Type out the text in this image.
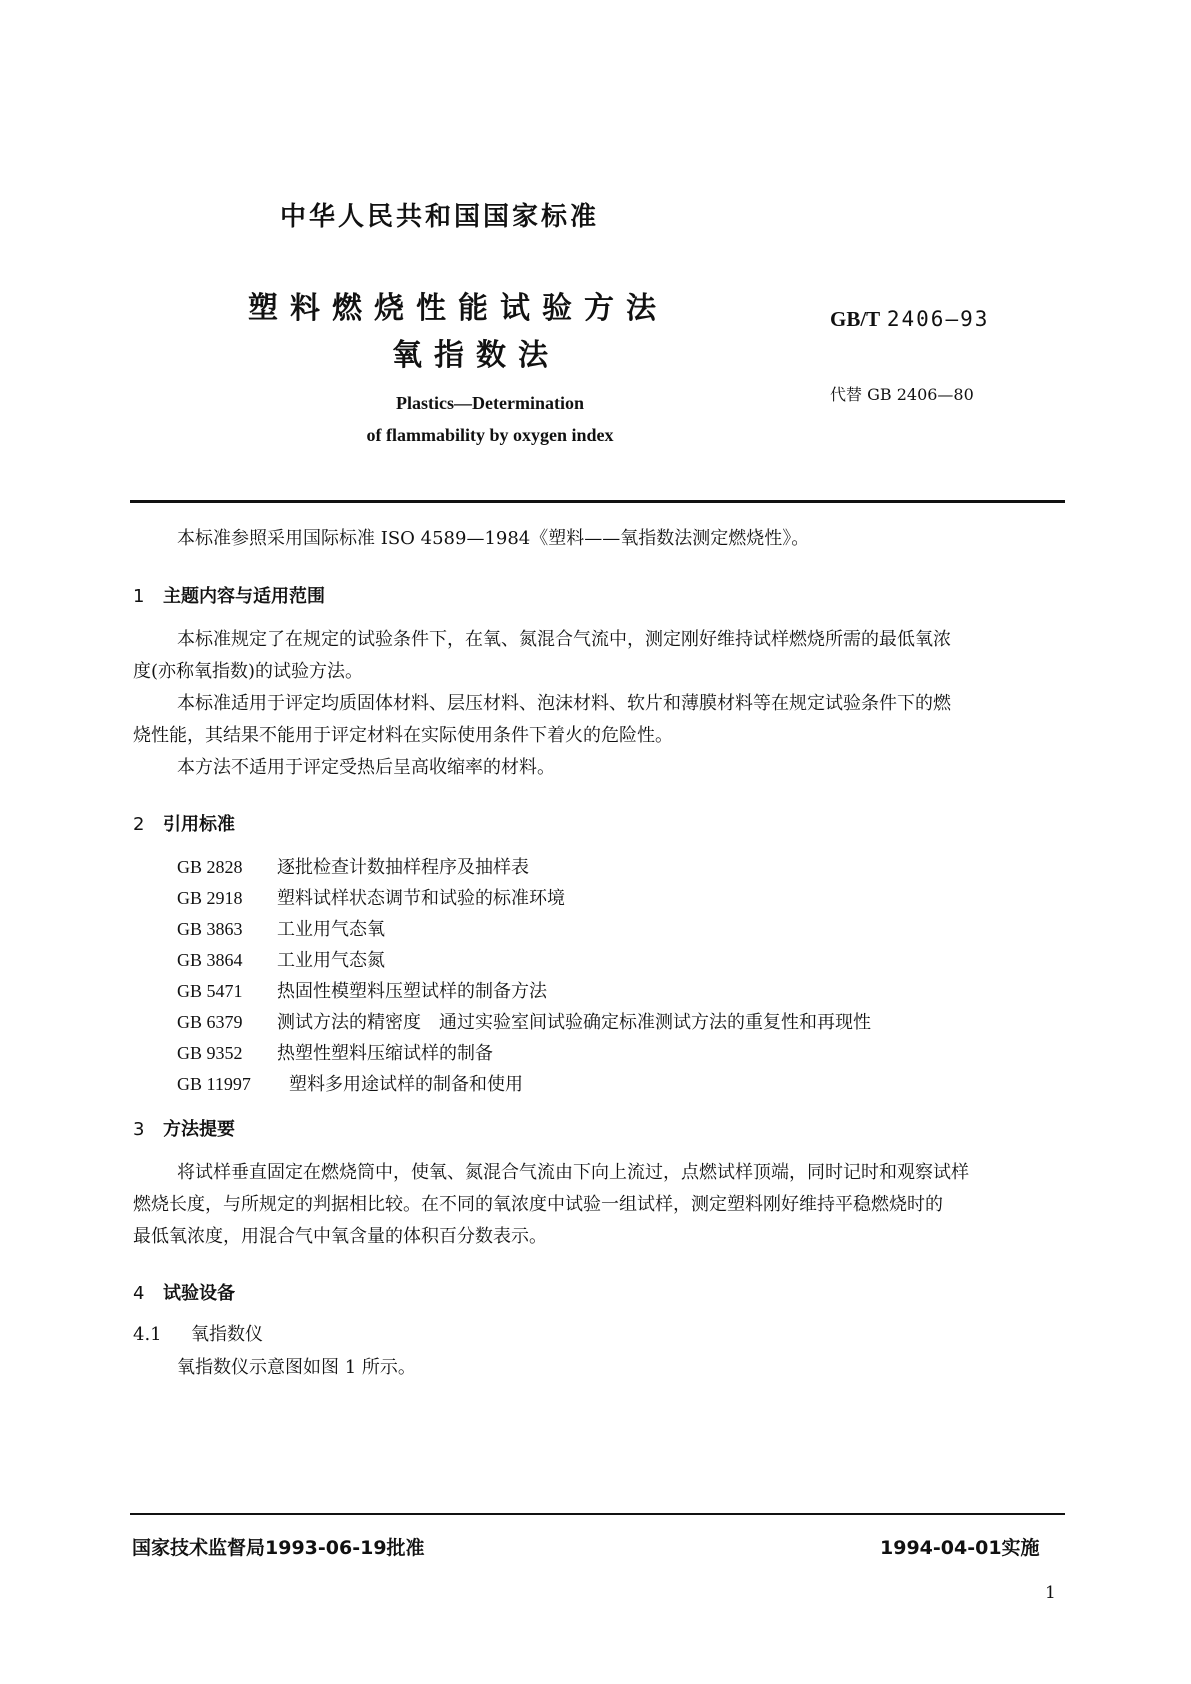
中华人民共和国国家标准
塑料燃烧性能试验方法
氧指数法
Plastics—Determination
of flammability by oxygen index
GB/T 2406—93
代替 GB 2406—80
本标准参照采用国际标准 ISO 4589—1984《塑料——氧指数法测定燃烧性》。
1 主题内容与适用范围
本标准规定了在规定的试验条件下，在氧、氮混合气流中，测定刚好维持试样燃烧所需的最低氧浓
度(亦称氧指数)的试验方法。
本标准适用于评定均质固体材料、层压材料、泡沫材料、软片和薄膜材料等在规定试验条件下的燃
烧性能，其结果不能用于评定材料在实际使用条件下着火的危险性。
本方法不适用于评定受热后呈高收缩率的材料。
2 引用标准
GB 2828 逐批检查计数抽样程序及抽样表
GB 2918 塑料试样状态调节和试验的标准环境
GB 3863 工业用气态氧
GB 3864 工业用气态氮
GB 5471 热固性模塑料压塑试样的制备方法
GB 6379 测试方法的精密度　通过实验室间试验确定标准测试方法的重复性和再现性
GB 9352 热塑性塑料压缩试样的制备
GB 11997 塑料多用途试样的制备和使用
3 方法提要
将试样垂直固定在燃烧筒中，使氧、氮混合气流由下向上流过，点燃试样顶端，同时记时和观察试样
燃烧长度，与所规定的判据相比较。在不同的氧浓度中试验一组试样，测定塑料刚好维持平稳燃烧时的
最低氧浓度，用混合气中氧含量的体积百分数表示。
4 试验设备
4.1 氧指数仪
氧指数仪示意图如图 1 所示。
国家技术监督局1993-06-19批准	1994-04-01实施
1
